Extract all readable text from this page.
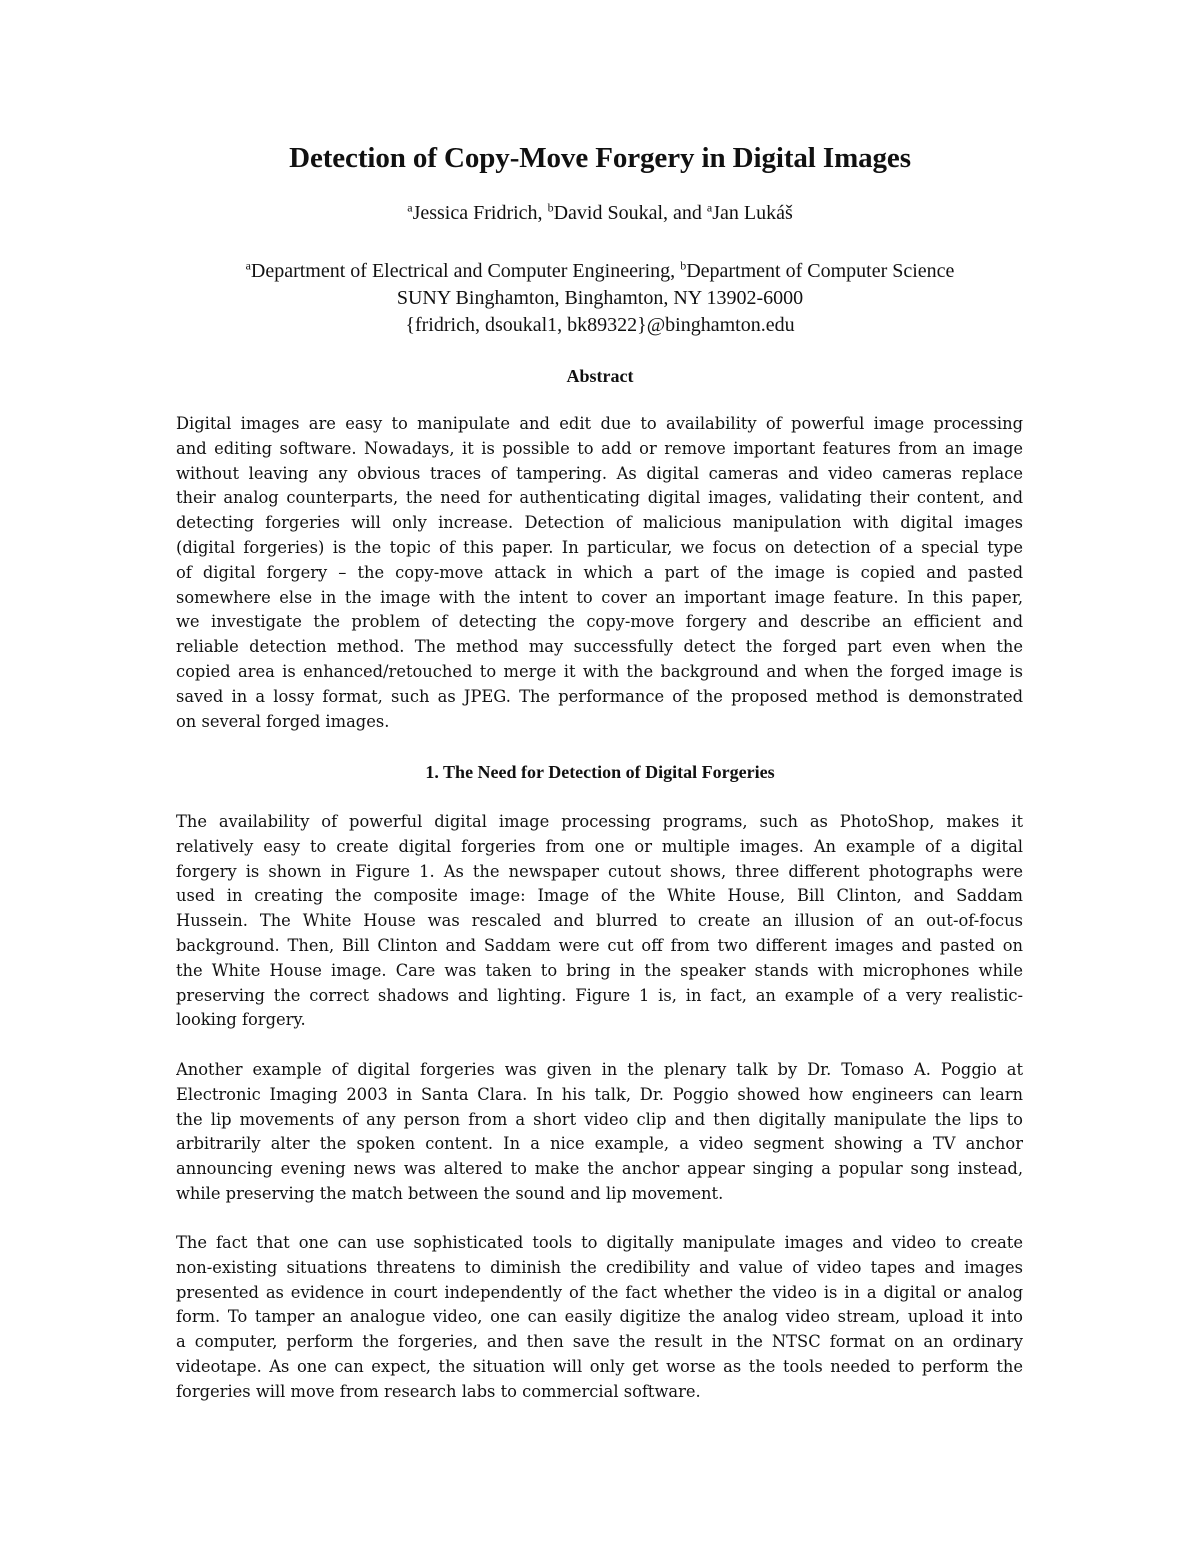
Detection of Copy-Move Forgery in Digital Images
$^a$Jessica Fridrich, $^b$David Soukal, and $^a$Jan Lukáš
$^a$Department of Electrical and Computer Engineering, $^b$Department of Computer Science
SUNY Binghamton, Binghamton, NY 13902-6000
{fridrich, dsoukal1, bk89322}@binghamton.edu
Abstract
Digital images are easy to manipulate and edit due to availability of powerful image processing
and editing software. Nowadays, it is possible to add or remove important features from an image
without leaving any obvious traces of tampering. As digital cameras and video cameras replace
their analog counterparts, the need for authenticating digital images, validating their content, and
detecting forgeries will only increase. Detection of malicious manipulation with digital images
(digital forgeries) is the topic of this paper. In particular, we focus on detection of a special type
of digital forgery – the copy-move attack in which a part of the image is copied and pasted
somewhere else in the image with the intent to cover an important image feature. In this paper,
we investigate the problem of detecting the copy-move forgery and describe an efficient and
reliable detection method. The method may successfully detect the forged part even when the
copied area is enhanced/retouched to merge it with the background and when the forged image is
saved in a lossy format, such as JPEG. The performance of the proposed method is demonstrated
on several forged images.
1. The Need for Detection of Digital Forgeries
The availability of powerful digital image processing programs, such as PhotoShop, makes it
relatively easy to create digital forgeries from one or multiple images. An example of a digital
forgery is shown in Figure 1. As the newspaper cutout shows, three different photographs were
used in creating the composite image: Image of the White House, Bill Clinton, and Saddam
Hussein. The White House was rescaled and blurred to create an illusion of an out-of-focus
background. Then, Bill Clinton and Saddam were cut off from two different images and pasted on
the White House image. Care was taken to bring in the speaker stands with microphones while
preserving the correct shadows and lighting. Figure 1 is, in fact, an example of a very realistic-
looking forgery.
Another example of digital forgeries was given in the plenary talk by Dr. Tomaso A. Poggio at
Electronic Imaging 2003 in Santa Clara. In his talk, Dr. Poggio showed how engineers can learn
the lip movements of any person from a short video clip and then digitally manipulate the lips to
arbitrarily alter the spoken content. In a nice example, a video segment showing a TV anchor
announcing evening news was altered to make the anchor appear singing a popular song instead,
while preserving the match between the sound and lip movement.
The fact that one can use sophisticated tools to digitally manipulate images and video to create
non-existing situations threatens to diminish the credibility and value of video tapes and images
presented as evidence in court independently of the fact whether the video is in a digital or analog
form. To tamper an analogue video, one can easily digitize the analog video stream, upload it into
a computer, perform the forgeries, and then save the result in the NTSC format on an ordinary
videotape. As one can expect, the situation will only get worse as the tools needed to perform the
forgeries will move from research labs to commercial software.
